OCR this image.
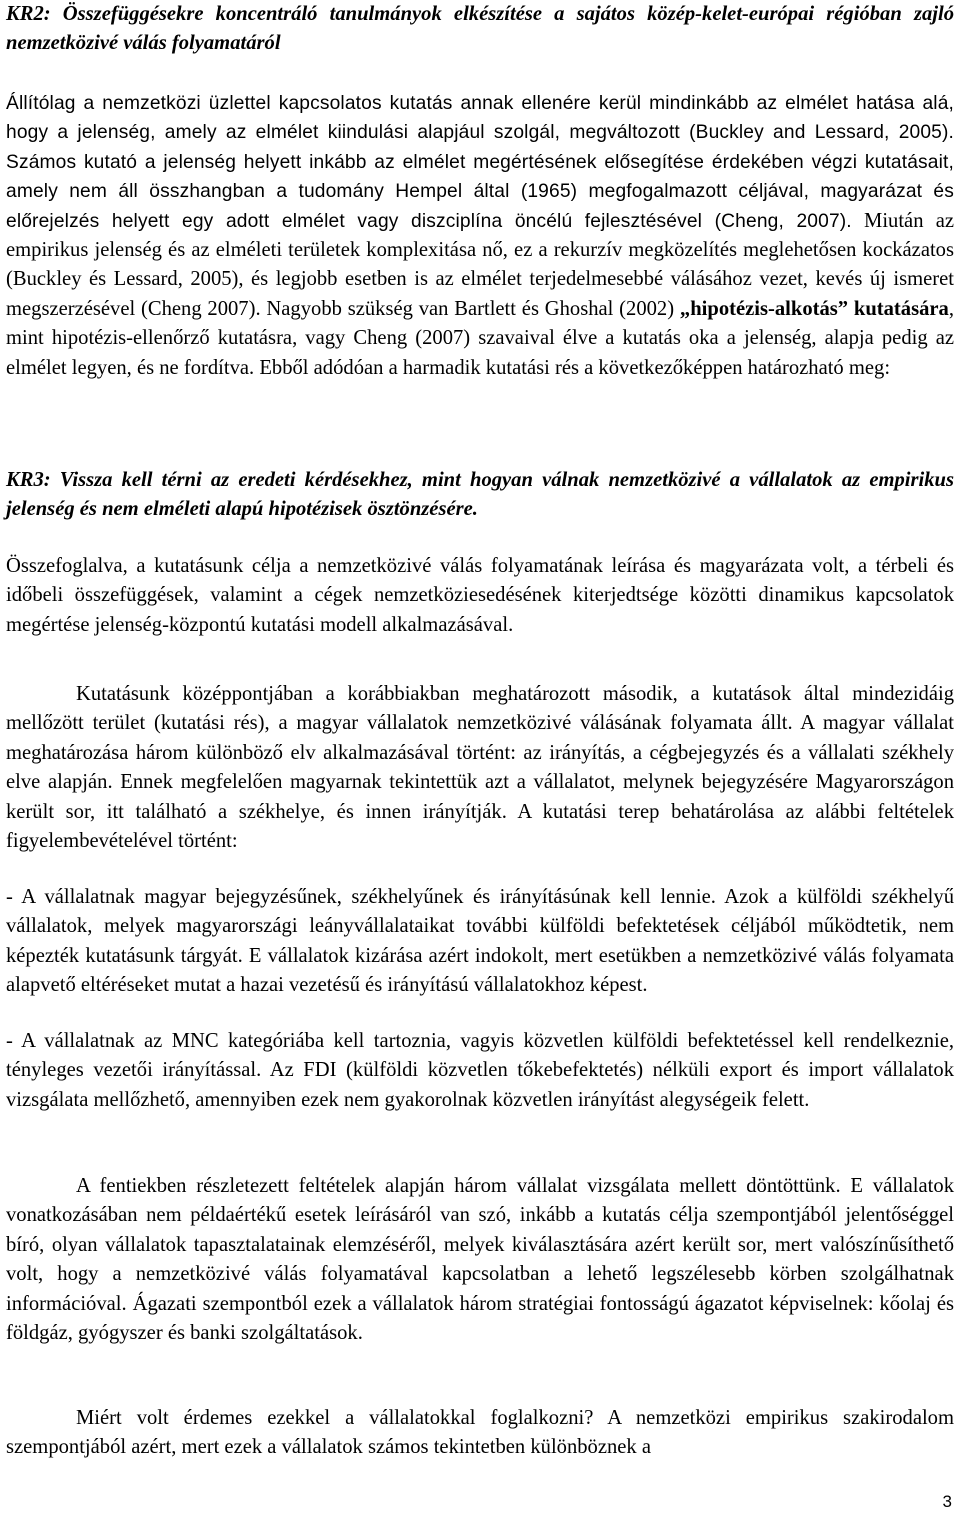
KR2: Összefüggésekre koncentráló tanulmányok elkészítése a sajátos közép-kelet-európai régióban zajló nemzetközivé válás folyamatáról

Állítólag a nemzetközi üzlettel kapcsolatos kutatás annak ellenére kerül mindinkább az elmélet hatása alá, hogy a jelenség, amely az elmélet kiindulási alapjául szolgál, megváltozott (Buckley and Lessard, 2005). Számos kutató a jelenség helyett inkább az elmélet megértésének elősegítése érdekében végzi kutatásait, amely nem áll összhangban a tudomány Hempel által (1965) megfogalmazott céljával, magyarázat és előrejelzés helyett egy adott elmélet vagy diszciplína öncélú fejlesztésével (Cheng, 2007). Miután az empirikus jelenség és az elméleti területek komplexitása nő, ez a rekurzív megközelítés meglehetősen kockázatos (Buckley és Lessard, 2005), és legjobb esetben is az elmélet terjedelmesebbé válásához vezet, kevés új ismeret megszerzésével (Cheng 2007). Nagyobb szükség van Bartlett és Ghoshal (2002) „hipotézis-alkotás” kutatására, mint hipotézis-ellenőrző kutatásra, vagy Cheng (2007) szavaival élve a kutatás oka a jelenség, alapja pedig az elmélet legyen, és ne fordítva. Ebből adódóan a harmadik kutatási rés a következőképpen határozható meg:

KR3: Vissza kell térni az eredeti kérdésekhez, mint hogyan válnak nemzetközivé a vállalatok az empirikus jelenség és nem elméleti alapú hipotézisek ösztönzésére.

Összefoglalva, a kutatásunk célja a nemzetközivé válás folyamatának leírása és magyarázata volt, a térbeli és időbeli összefüggések, valamint a cégek nemzetköziesedésének kiterjedtsége közötti dinamikus kapcsolatok megértése jelenség-központú kutatási modell alkalmazásával.

Kutatásunk középpontjában a korábbiakban meghatározott második, a kutatások által mindezidáig mellőzött terület (kutatási rés), a magyar vállalatok nemzetközivé válásának folyamata állt. A magyar vállalat meghatározása három különböző elv alkalmazásával történt: az irányítás, a cégbejegyzés és a vállalati székhely elve alapján. Ennek megfelelően magyarnak tekintettük azt a vállalatot, melynek bejegyzésére Magyarországon került sor, itt található a székhelye, és innen irányítják. A kutatási terep behatárolása az alábbi feltételek figyelembevételével történt:

- A vállalatnak magyar bejegyzésűnek, székhelyűnek és irányításúnak kell lennie. Azok a külföldi székhelyű vállalatok, melyek magyarországi leányvállalataikat további külföldi befektetések céljából működtetik, nem képezték kutatásunk tárgyát. E vállalatok kizárása azért indokolt, mert esetükben a nemzetközivé válás folyamata alapvető eltéréseket mutat a hazai vezetésű és irányítású vállalatokhoz képest.

- A vállalatnak az MNC kategóriába kell tartoznia, vagyis közvetlen külföldi befektetéssel kell rendelkeznie, tényleges vezetői irányítással. Az FDI (külföldi közvetlen tőkebefektetés) nélküli export és import vállalatok vizsgálata mellőzhető, amennyiben ezek nem gyakorolnak közvetlen irányítást alegységeik felett.

A fentiekben részletezett feltételek alapján három vállalat vizsgálata mellett döntöttünk. E vállalatok vonatkozásában nem példaértékű esetek leírásáról van szó, inkább a kutatás célja szempontjából jelentőséggel bíró, olyan vállalatok tapasztalatainak elemzéséről, melyek kiválasztására azért került sor, mert valószínűsíthető volt, hogy a nemzetközivé válás folyamatával kapcsolatban a lehető legszélesebb körben szolgálhatnak információval. Ágazati szempontból ezek a vállalatok három stratégiai fontosságú ágazatot képviselnek: kőolaj és földgáz, gyógyszer és banki szolgáltatások.

Miért volt érdemes ezekkel a vállalatokkal foglalkozni? A nemzetközi empirikus szakirodalom szempontjából azért, mert ezek a vállalatok számos tekintetben különböznek a

3
